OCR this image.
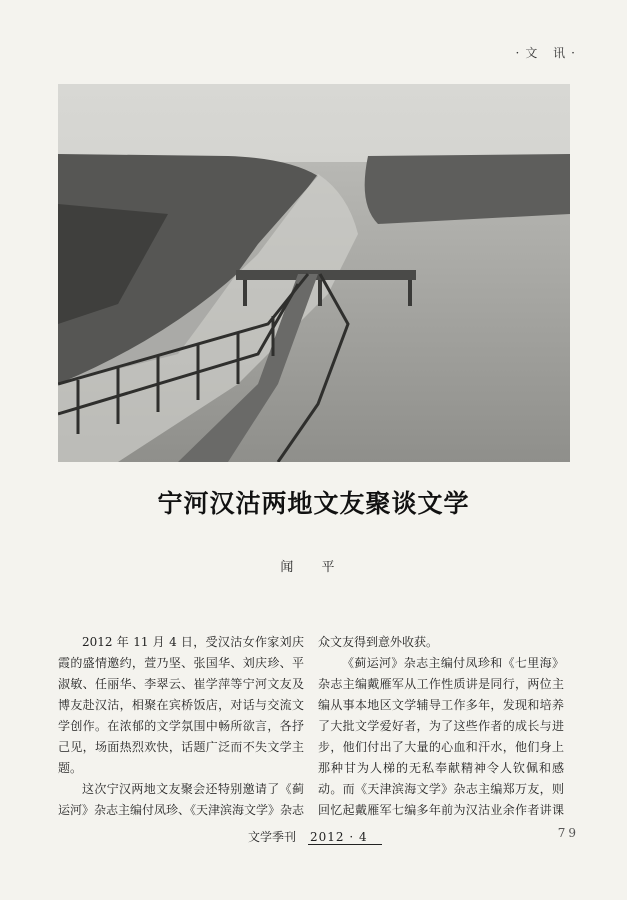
·文 讯·
宁河汉沽两地文友聚谈文学
闻 平

2012 年 11 月 4 日，受汉沽女作家刘庆霞的盛情邀约，萱乃坚、张国华、刘庆珍、平淑敏、任丽华、李翠云、崔学萍等宁河文友及博友赴汉沽，相聚在宾桥饭店，对话与交流文学创作。在浓郁的文学氛围中畅所欲言，各抒己见，场面热烈欢快，话题广泛而不失文学主题。

这次宁汉两地文友聚会还特别邀请了《蓟运河》杂志主编付凤珍、《天津滨海文学》杂志

众文友得到意外收获。

《蓟运河》杂志主编付凤珍和《七里海》杂志主编戴雁军从工作性质讲是同行，两位主编从事本地区文学辅导工作多年，发现和培养了大批文学爱好者，为了这些作者的成长与进步，他们付出了大量的心血和汗水，他们身上那种甘为人梯的无私奉献精神令人钦佩和感动。而《天津滨海文学》杂志主编郑万友，则回忆起戴雁军七编多年前为汉沽业余作者讲课

文学季刊 2012 · 4	79
